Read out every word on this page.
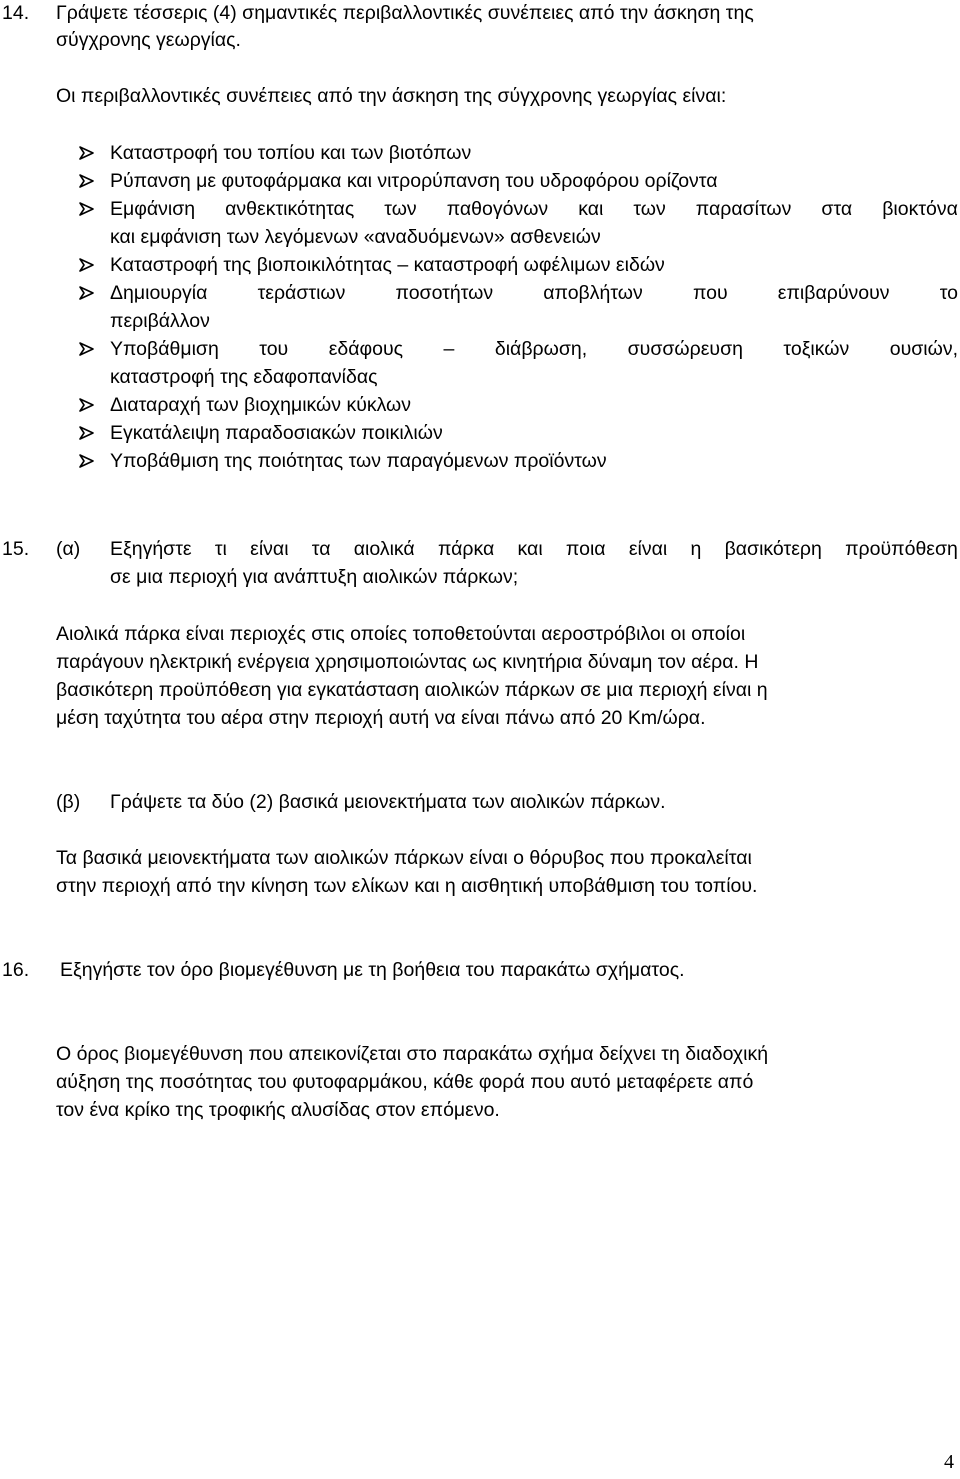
14. Γράψετε τέσσερις (4) σημαντικές περιβαλλοντικές συνέπειες από την άσκηση της
σύγχρονης γεωργίας.
Οι περιβαλλοντικές συνέπειες από την άσκηση της σύγχρονης γεωργίας είναι:
Καταστροφή του τοπίου και των βιοτόπων
Ρύπανση με φυτοφάρμακα και νιτρορύπανση του υδροφόρου ορίζοντα
Εμφάνιση ανθεκτικότητας των παθογόνων και των παρασίτων στα βιοκτόνα
και εμφάνιση των λεγόμενων «αναδυόμενων» ασθενειών
Καταστροφή της βιοποικιλότητας – καταστροφή ωφέλιμων ειδών
Δημιουργία	τεράστιων	ποσοτήτων	αποβλήτων	που	επιβαρύνουν	το
περιβάλλον
Υποβάθμιση του εδάφους – διάβρωση, συσσώρευση τοξικών ουσιών,
καταστροφή της εδαφοπανίδας
Διαταραχή των βιοχημικών κύκλων
Εγκατάλειψη παραδοσιακών ποικιλιών
Υποβάθμιση της ποιότητας των παραγόμενων προϊόντων
15. (α) Εξηγήστε τι είναι τα αιολικά πάρκα και ποια είναι η βασικότερη προϋπόθεση
σε μια περιοχή για ανάπτυξη αιολικών πάρκων;
Αιολικά πάρκα είναι περιοχές στις οποίες τοποθετούνται αεροστρόβιλοι οι οποίοι
παράγουν ηλεκτρική ενέργεια χρησιμοποιώντας ως κινητήρια δύναμη τον αέρα. Η
βασικότερη προϋπόθεση για εγκατάσταση αιολικών πάρκων σε μια περιοχή είναι η
μέση ταχύτητα του αέρα στην περιοχή αυτή να είναι πάνω από 20 Km/ώρα.
(β) Γράψετε τα δύο (2) βασικά μειονεκτήματα των αιολικών πάρκων.
Τα βασικά μειονεκτήματα των αιολικών πάρκων είναι ο θόρυβος που προκαλείται
στην περιοχή από την κίνηση των ελίκων και η αισθητική υποβάθμιση του τοπίου.
16. Εξηγήστε τον όρο βιομεγέθυνση με τη βοήθεια του παρακάτω σχήματος.
Ο όρος βιομεγέθυνση που απεικονίζεται στο παρακάτω σχήμα δείχνει τη διαδοχική
αύξηση της ποσότητας του φυτοφαρμάκου, κάθε φορά που αυτό μεταφέρετε από
τον ένα κρίκο της τροφικής αλυσίδας στον επόμενο.
4
